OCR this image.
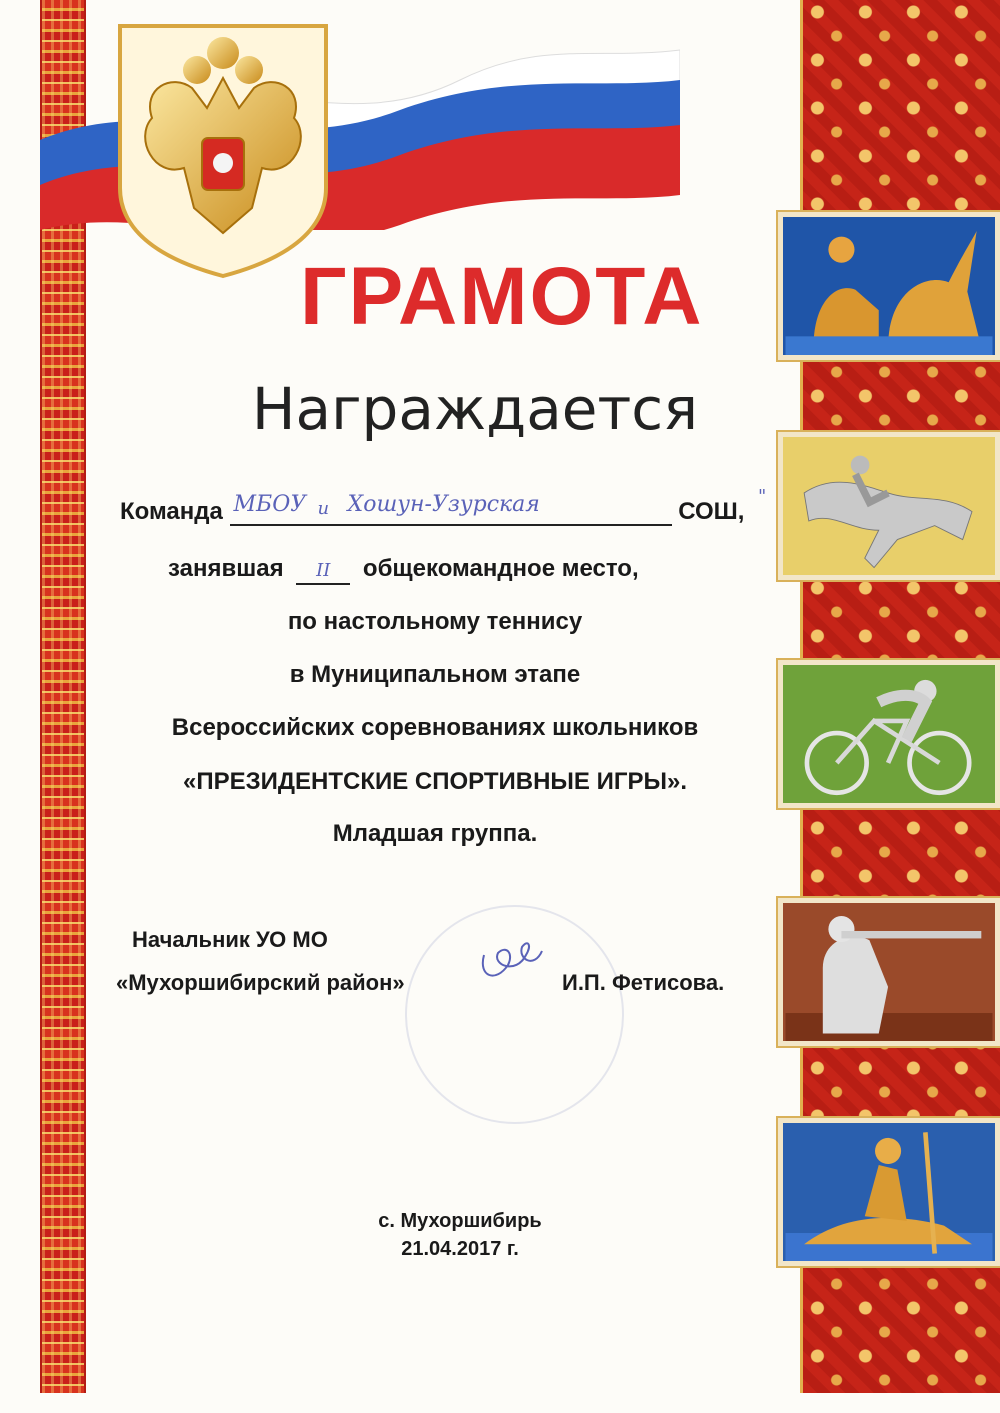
ГРАМОТА
Награждается
Команда МБОУ и Хошун-Узурская	СОШ,
"
занявшая II общекомандное место,
по настольному теннису
в Муниципальном этапе
Всероссийских соревнованиях школьников
«ПРЕЗИДЕНТСКИЕ СПОРТИВНЫЕ ИГРЫ».
Младшая группа.
Начальник УО МО
«Мухоршибирский район»	И.П. Фетисова.
с. Мухоршибирь
21.04.2017 г.
